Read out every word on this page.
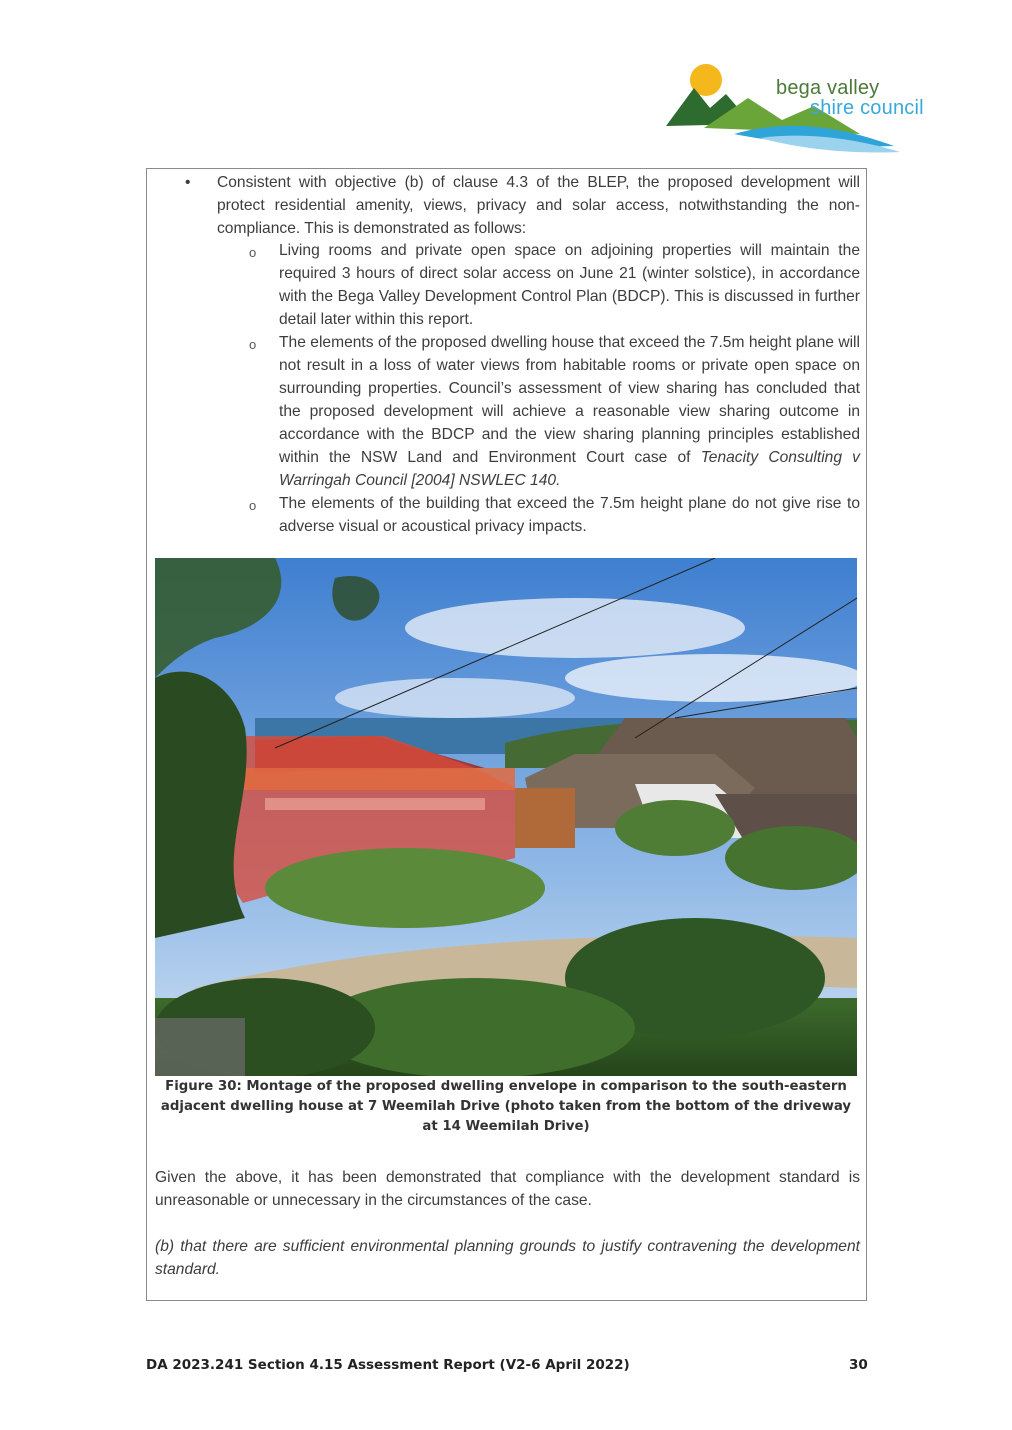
bega valley
shire council
•	Consistent with objective (b) of clause 4.3 of the BLEP, the proposed development will protect residential amenity, views, privacy and solar access, notwithstanding the non-compliance. This is demonstrated as follows:
o Living rooms and private open space on adjoining properties will maintain the required 3 hours of direct solar access on June 21 (winter solstice), in accordance with the Bega Valley Development Control Plan (BDCP). This is discussed in further detail later within this report.
o The elements of the proposed dwelling house that exceed the 7.5m height plane will not result in a loss of water views from habitable rooms or private open space on surrounding properties. Council’s assessment of view sharing has concluded that the proposed development will achieve a reasonable view sharing outcome in accordance with the BDCP and the view sharing planning principles established within the NSW Land and Environment Court case of Tenacity Consulting v Warringah Council [2004] NSWLEC 140.
o The elements of the building that exceed the 7.5m height plane do not give rise to adverse visual or acoustical privacy impacts.
Figure 30: Montage of the proposed dwelling envelope in comparison to the south-eastern adjacent dwelling house at 7 Weemilah Drive (photo taken from the bottom of the driveway at 14 Weemilah Drive)
Given the above, it has been demonstrated that compliance with the development standard is unreasonable or unnecessary in the circumstances of the case.
(b) that there are sufficient environmental planning grounds to justify contravening the development standard.
DA 2023.241 Section 4.15 Assessment Report (V2-6 April 2022)	30
